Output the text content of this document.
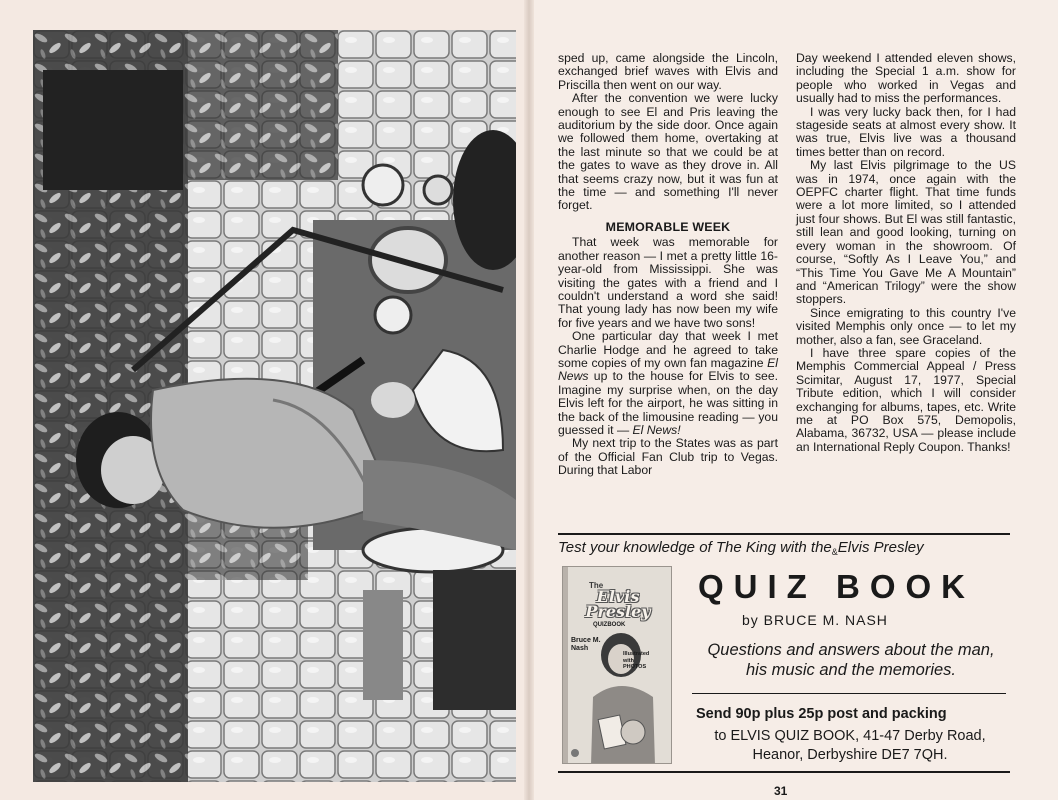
sped up, came alongside the Lincoln, exchanged brief waves with Elvis and Priscilla then went on our way.

After the convention we were lucky enough to see El and Pris leaving the auditorium by the side door. Once again we followed them home, overtaking at the last minute so that we could be at the gates to wave as they drove in. All that seems crazy now, but it was fun at the time — and something I'll never forget.

MEMORABLE WEEK

That week was memorable for another reason — I met a pretty little 16-year-old from Mississippi. She was visiting the gates with a friend and I couldn't understand a word she said! That young lady has now been my wife for five years and we have two sons!

One particular day that week I met Charlie Hodge and he agreed to take some copies of my own fan magazine El News up to the house for Elvis to see. Imagine my surprise when, on the day Elvis left for the airport, he was sitting in the back of the limousine reading — you guessed it — El News!

My next trip to the States was as part of the Official Fan Club trip to Vegas. During that Labor

Day weekend I attended eleven shows, including the Special 1 a.m. show for people who worked in Vegas and usually had to miss the performances.

I was very lucky back then, for I had stageside seats at almost every show. It was true, Elvis live was a thousand times better than on record.

My last Elvis pilgrimage to the US was in 1974, once again with the OEPFC charter flight. That time funds were a lot more limited, so I attended just four shows. But El was still fantastic, still lean and good looking, turning on every woman in the showroom. Of course, “Softly As I Leave You,” and “This Time You Gave Me A Mountain” and “American Trilogy” were the show stoppers.

Since emigrating to this country I've visited Memphis only once — to let my mother, also a fan, see Graceland.

I have three spare copies of the Memphis Commercial Appeal / Press Scimitar, August 17, 1977, Special Tribute edition, which I will consider exchanging for albums, tapes, etc. Write me at PO Box 575, Demopolis, Alabama, 36732, USA — please include an International Reply Coupon. Thanks!

Test your knowledge of The King with the$_{\&}$Elvis Presley
The
Elvis
Presley
QUIZBOOK
Bruce M.
Nash
Illustrated
with
PHOTOS
QUIZ BOOK
by BRUCE M. NASH
Questions and answers about the man,
his music and the memories.
Send 90p plus 25p post and packing
to ELVIS QUIZ BOOK, 41-47 Derby Road,
Heanor, Derbyshire DE7 7QH.
31
